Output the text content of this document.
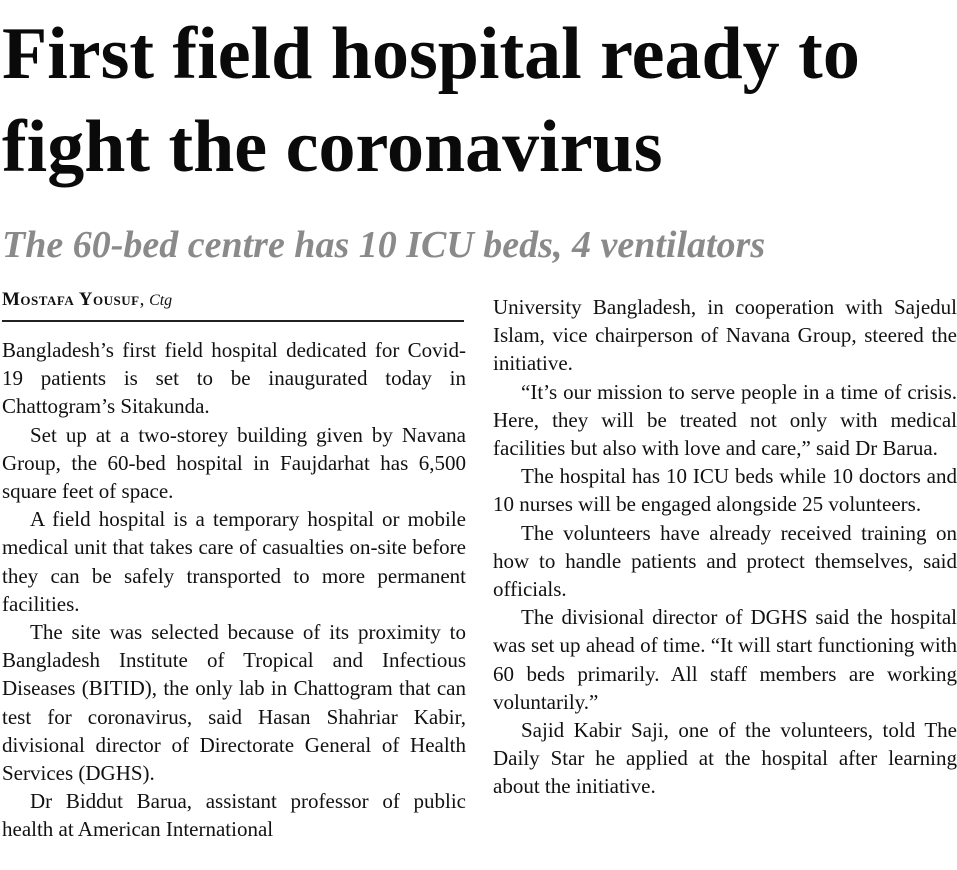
First field hospital ready to fight the coronavirus
The 60-bed centre has 10 ICU beds, 4 ventilators
Mostafa Yousuf, Ctg

Bangladesh’s first field hospital dedicated for Covid-19 patients is set to be inaugurated today in Chattogram’s Sitakunda.

Set up at a two-storey building given by Navana Group, the 60-bed hospital in Faujdarhat has 6,500 square feet of space.

A field hospital is a temporary hospital or mobile medical unit that takes care of casualties on-site before they can be safely transported to more permanent facilities.

The site was selected because of its proximity to Bangladesh Institute of Tropical and Infectious Diseases (BITID), the only lab in Chattogram that can test for coronavirus, said Hasan Shahriar Kabir, divisional director of Directorate General of Health Services (DGHS).

Dr Biddut Barua, assistant professor of public health at American International

University Bangladesh, in cooperation with Sajedul Islam, vice chairperson of Navana Group, steered the initiative.

“It’s our mission to serve people in a time of crisis. Here, they will be treated not only with medical facilities but also with love and care,” said Dr Barua.

The hospital has 10 ICU beds while 10 doctors and 10 nurses will be engaged alongside 25 volunteers.

The volunteers have already received training on how to handle patients and protect themselves, said officials.

The divisional director of DGHS said the hospital was set up ahead of time. “It will start functioning with 60 beds primarily. All staff members are working voluntarily.”

Sajid Kabir Saji, one of the volunteers, told The Daily Star he applied at the hospital after learning about the initiative.
